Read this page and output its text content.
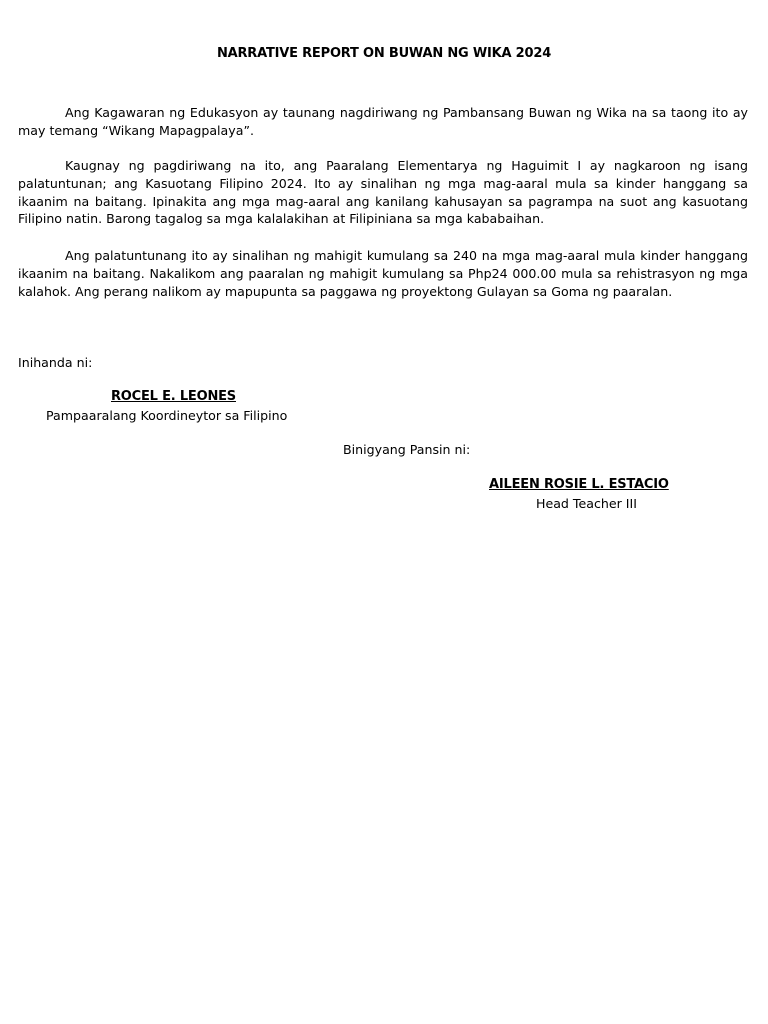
NARRATIVE REPORT ON BUWAN NG WIKA 2024

Ang Kagawaran ng Edukasyon ay taunang nagdiriwang ng Pambansang Buwan ng Wika na sa taong ito ay may temang “Wikang Mapagpalaya”.

Kaugnay ng pagdiriwang na ito, ang Paaralang Elementarya ng Haguimit I ay nagkaroon ng isang palatuntunan; ang Kasuotang Filipino 2024. Ito ay sinalihan ng mga mag-aaral mula sa kinder hanggang sa ikaanim na baitang. Ipinakita ang mga mag-aaral ang kanilang kahusayan sa pagrampa na suot ang kasuotang Filipino natin. Barong tagalog sa mga kalalakihan at Filipiniana sa mga kababaihan.

Ang palatuntunang ito ay sinalihan ng mahigit kumulang sa 240 na mga mag-aaral mula kinder hanggang ikaanim na baitang. Nakalikom ang paaralan ng mahigit kumulang sa Php24 000.00 mula sa rehistrasyon ng mga kalahok. Ang perang nalikom ay mapupunta sa paggawa ng proyektong Gulayan sa Goma ng paaralan.

Inihanda ni:
ROCEL E. LEONES
Pampaaralang Koordineytor sa Filipino
Binigyang Pansin ni:
AILEEN ROSIE L. ESTACIO
Head Teacher III
